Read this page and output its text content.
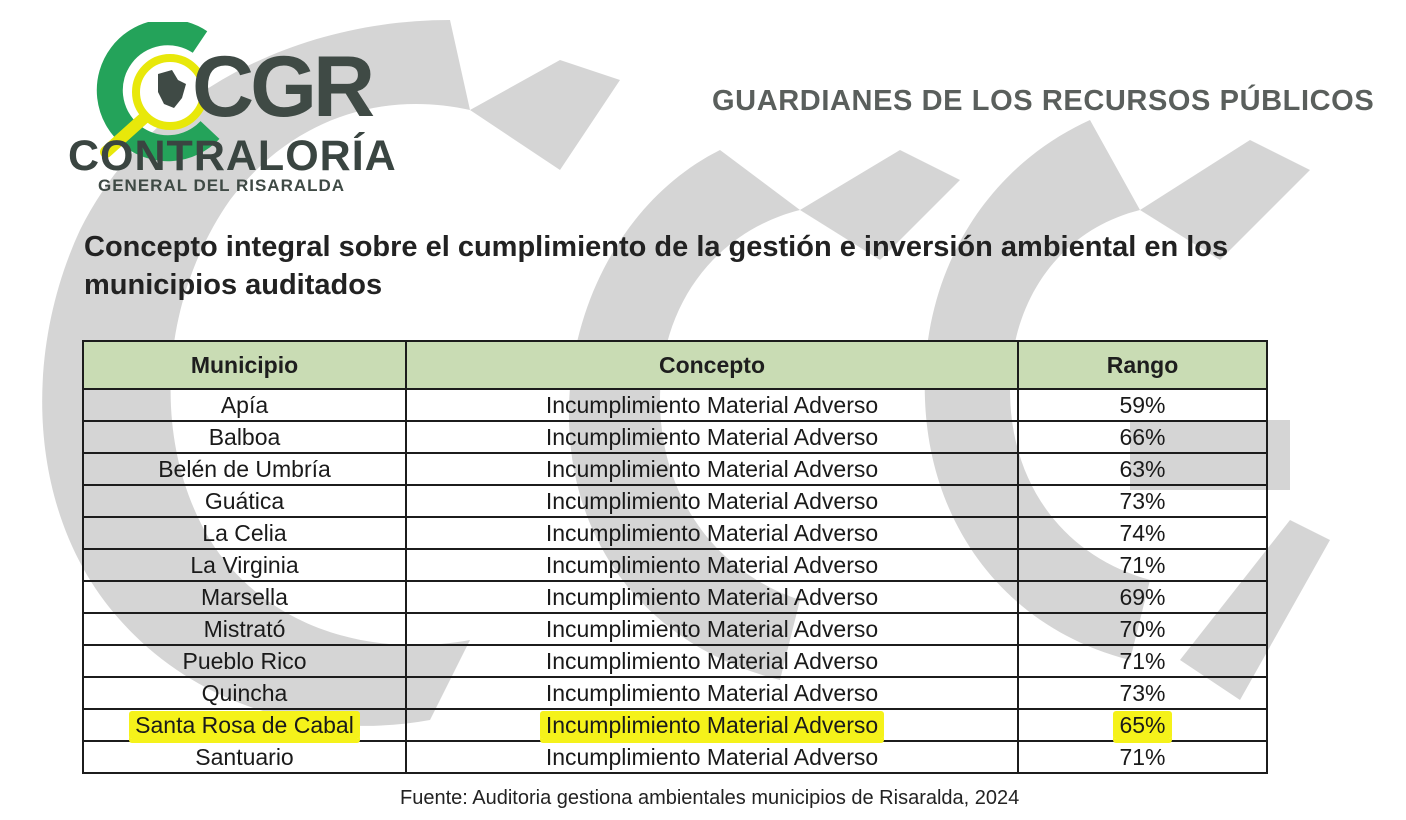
CGR

CONTRALORÍA

GENERAL DEL RISARALDA

GUARDIANES DE LOS RECURSOS PÚBLICOS

Concepto integral sobre el cumplimiento de la gestión e inversión ambiental en los municipios auditados
Municipio	Concepto	Rango
Apía	Incumplimiento Material Adverso	59%
Balboa	Incumplimiento Material Adverso	66%
Belén de Umbría	Incumplimiento Material Adverso	63%
Guática	Incumplimiento Material Adverso	73%
La Celia	Incumplimiento Material Adverso	74%
La Virginia	Incumplimiento Material Adverso	71%
Marsella	Incumplimiento Material Adverso	69%
Mistrató	Incumplimiento Material Adverso	70%
Pueblo Rico	Incumplimiento Material Adverso	71%
Quincha	Incumplimiento Material Adverso	73%
Santa Rosa de Cabal	Incumplimiento Material Adverso	65%
Santuario	Incumplimiento Material Adverso	71%

Fuente: Auditoria gestiona ambientales municipios de Risaralda, 2024
